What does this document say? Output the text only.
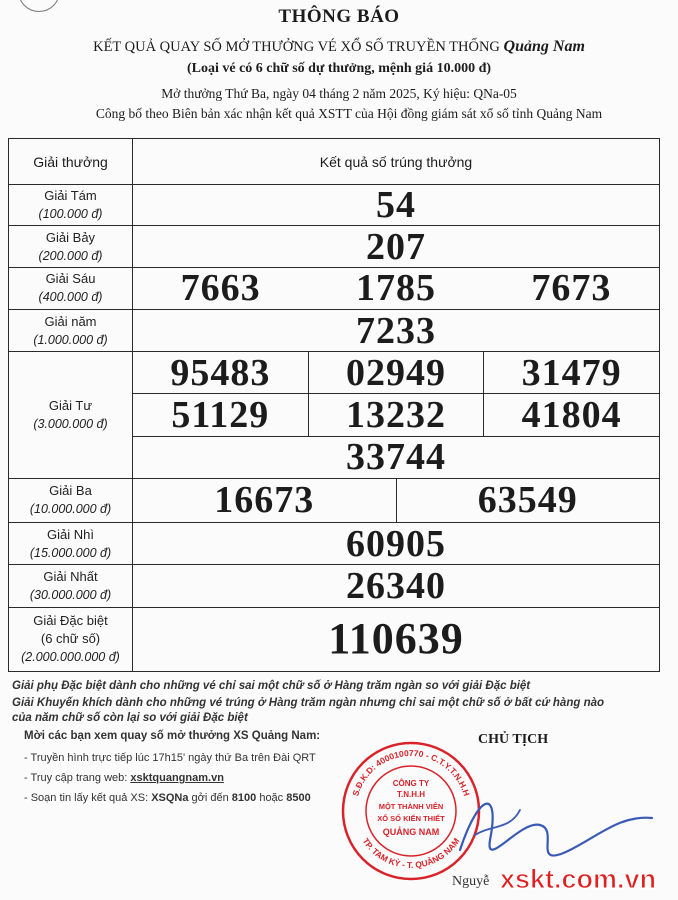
THÔNG BÁO
KẾT QUẢ QUAY SỐ MỞ THƯỞNG VÉ XỔ SỐ TRUYỀN THỐNG Quảng Nam
(Loại vé có 6 chữ số dự thưởng, mệnh giá 10.000 đ)
Mở thưởng Thứ Ba, ngày 04 tháng 2 năm 2025, Ký hiệu: QNa-05
Công bố theo Biên bản xác nhận kết quả XSTT của Hội đồng giám sát xổ số tỉnh Quảng Nam
Giải thưởng	Kết quả số trúng thưởng

Giải Tám
(100.000 đ)	54

Giải Bảy
(200.000 đ)	207

Giải Sáu
(400.000 đ)	7663 1785 7673

Giải năm
(1.000.000 đ)	7233

Giải Tư
(3.000.000 đ)	95483 02949 31479

51129 13232 41804

	33744

Giải Ba
(10.000.000 đ)	16673 63549

Giải Nhì
(15.000.000 đ)	60905

Giải Nhất
(30.000.000 đ)	26340

Giải Đặc biệt
(6 chữ số)
(2.000.000.000 đ)	110639
Giải phụ Đặc biệt dành cho những vé chỉ sai một chữ số ở Hàng trăm ngàn so với giải Đặc biệt
Giải Khuyến khích dành cho những vé trúng ở Hàng trăm ngàn nhưng chỉ sai một chữ số ở bất cứ hàng nào
của năm chữ số còn lại so với giải Đặc biệt
Mời các bạn xem quay số mở thưởng XS Quảng Nam:
- Truyền hình trực tiếp lúc 17h15' ngày thứ Ba trên Đài QRT
- Truy cập trang web: xsktquangnam.vn
- Soạn tin lấy kết quả XS: XSQNa gởi đến 8100 hoặc 8500
CHỦ TỊCH
S.Đ.K.D: 4000100770 - C.T.Y.T.N.H.H
TP. TAM KỲ - T. QUẢNG NAM
CÔNG TY
T.N.H.H
MỘT THÀNH VIÊN
XỔ SỐ KIẾN THIẾT
QUẢNG NAM
Nguyễ xskt.com.vn
